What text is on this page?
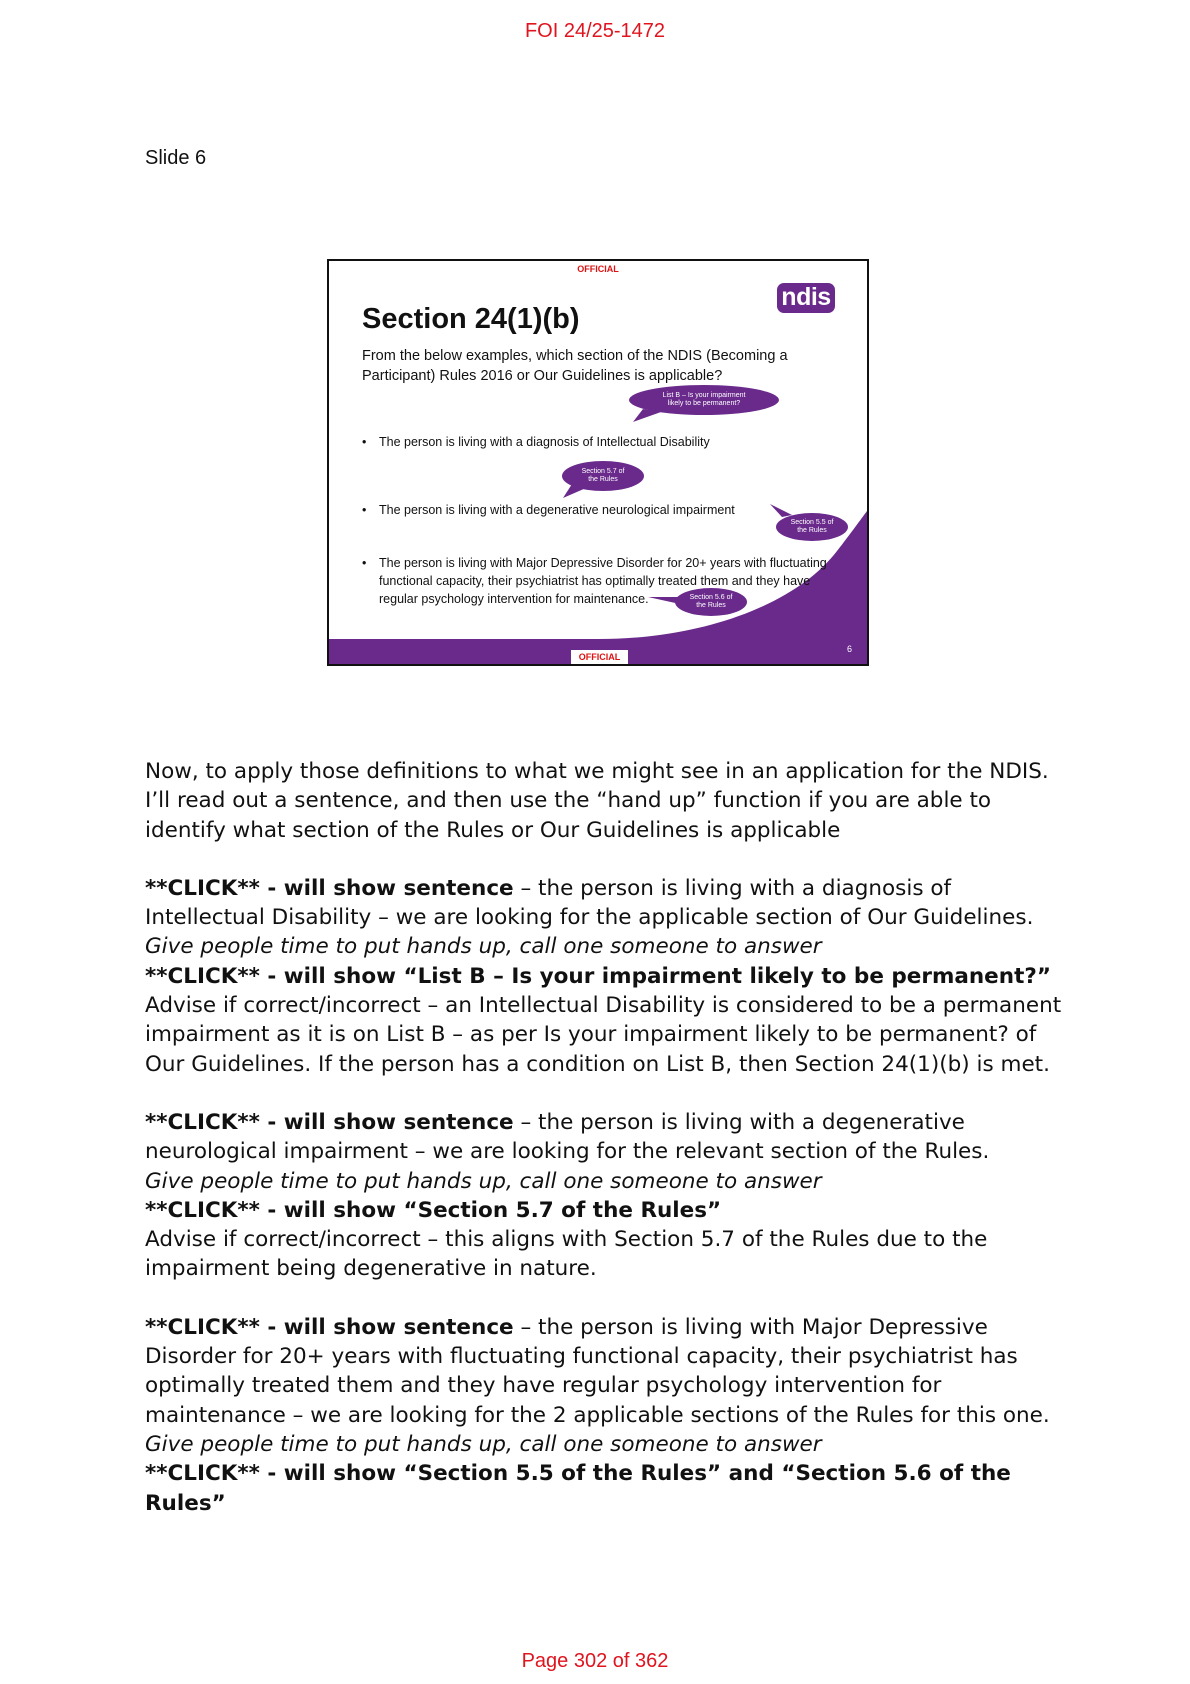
FOI 24/25-1472
Slide 6
OFFICIAL
ndis
Section 24(1)(b)
From the below examples, which section of the NDIS (Becoming a Participant) Rules 2016 or Our Guidelines is applicable?
• The person is living with a diagnosis of Intellectual Disability
• The person is living with a degenerative neurological impairment
• The person is living with Major Depressive Disorder for 20+ years with fluctuating functional capacity, their psychiatrist has optimally treated them and they have regular psychology intervention for maintenance.
List B – Is your impairment likely to be permanent?
Section 5.7 of the Rules
Section 5.5 of the Rules
Section 5.6 of the Rules
OFFICIAL
6

Now, to apply those definitions to what we might see in an application for the NDIS. I’ll read out a sentence, and then use the “hand up” function if you are able to identify what section of the Rules or Our Guidelines is applicable

**CLICK** - will show sentence – the person is living with a diagnosis of Intellectual Disability – we are looking for the applicable section of Our Guidelines.

Give people time to put hands up, call one someone to answer

**CLICK** - will show “List B – Is your impairment likely to be permanent?”

Advise if correct/incorrect – an Intellectual Disability is considered to be a permanent impairment as it is on List B – as per Is your impairment likely to be permanent? of Our Guidelines. If the person has a condition on List B, then Section 24(1)(b) is met.

**CLICK** - will show sentence – the person is living with a degenerative neurological impairment – we are looking for the relevant section of the Rules.

Give people time to put hands up, call one someone to answer

**CLICK** - will show “Section 5.7 of the Rules”

Advise if correct/incorrect – this aligns with Section 5.7 of the Rules due to the impairment being degenerative in nature.

**CLICK** - will show sentence – the person is living with Major Depressive Disorder for 20+ years with fluctuating functional capacity, their psychiatrist has optimally treated them and they have regular psychology intervention for maintenance – we are looking for the 2 applicable sections of the Rules for this one.

Give people time to put hands up, call one someone to answer

**CLICK** - will show “Section 5.5 of the Rules” and “Section 5.6 of the Rules”

Page 302 of 362
